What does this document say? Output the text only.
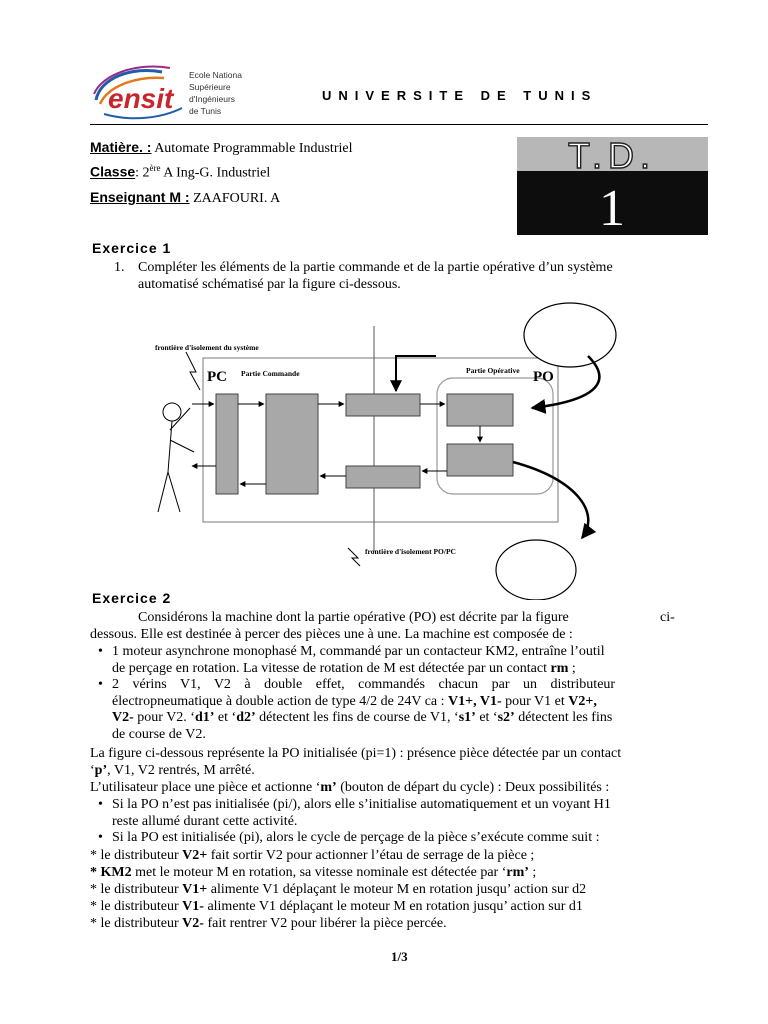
ensit
Ecole Nationa
Supérieure
d'Ingénieurs
de Tunis
UNIVERSITE DE TUNIS
Matière. : Automate Programmable Industriel
Classe: 2ère A Ing-G. Industriel
Enseignant M : ZAAFOURI. A
T.D.
1
Exercice 1
1. Compléter les éléments de la partie commande et de la partie opérative d’un système
automatisé schématisé par la figure ci-dessous.
frontière d'isolement du système
PC Partie Commande	Partie Opérative PO
frontière d'isolement PO/PC
Exercice 2
Considérons la machine dont la partie opérative (PO) est décrite par la figure	ci-
dessous. Elle est destinée à percer des pièces une à une. La machine est composée de :
• 1 moteur asynchrone monophasé M, commandé par un contacteur KM2, entraîne l’outil
de perçage en rotation. La vitesse de rotation de M est détectée par un contact rm ;
• 2 vérins V1, V2 à double effet, commandés chacun par un distributeur
électropneumatique à double action de type 4/2 de 24V ca : V1+, V1- pour V1 et V2+,
V2- pour V2. ‘d1’ et ‘d2’ détectent les fins de course de V1, ‘s1’ et ‘s2’ détectent les fins
de course de V2.
La figure ci-dessous représente la PO initialisée (pi=1) : présence pièce détectée par un contact
‘p’, V1, V2 rentrés, M arrêté.
L’utilisateur place une pièce et actionne ‘m’ (bouton de départ du cycle) : Deux possibilités :
• Si la PO n’est pas initialisée (pi/), alors elle s’initialise automatiquement et un voyant H1
reste allumé durant cette activité.
• Si la PO est initialisée (pi), alors le cycle de perçage de la pièce s’exécute comme suit :
* le distributeur V2+ fait sortir V2 pour actionner l’étau de serrage de la pièce ;
* KM2 met le moteur M en rotation, sa vitesse nominale est détectée par ‘rm’ ;
* le distributeur V1+ alimente V1 déplaçant le moteur M en rotation jusqu’ action sur d2
* le distributeur V1- alimente V1 déplaçant le moteur M en rotation jusqu’ action sur d1
* le distributeur V2- fait rentrer V2 pour libérer la pièce percée.
1/3
